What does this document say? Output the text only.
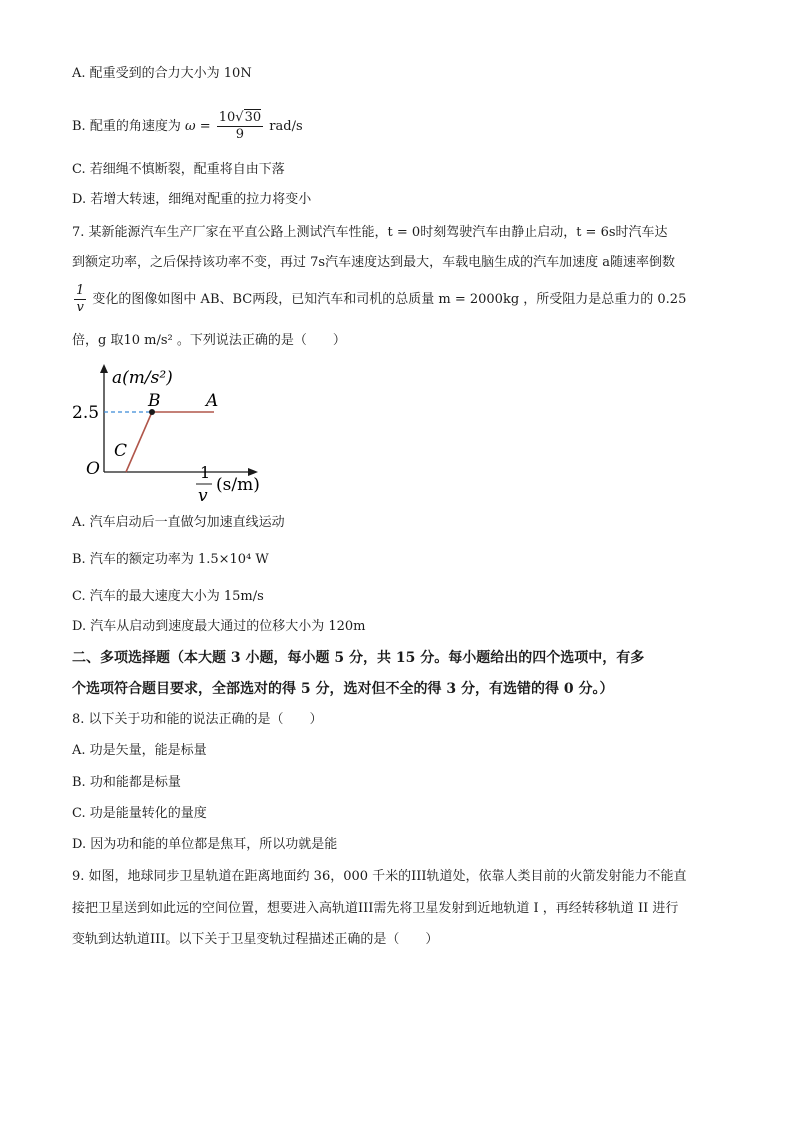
A. 配重受到的合力大小为 10N
B. 配重的角速度为 $\omega = \frac{10√30}{9} rad/s$
C. 若细绳不慎断裂，配重将自由下落
D. 若增大转速，细绳对配重的拉力将变小
7. 某新能源汽车生产厂家在平直公路上测试汽车性能，t = 0时刻驾驶汽车由静止启动，t = 6s时汽车达
到额定功率，之后保持该功率不变，再过 7s汽车速度达到最大，车载电脑生成的汽车加速度 a随速率倒数
$\frac{1}{v}$ 变化的图像如图中 AB、BC两段，已知汽车和司机的总质量 m = 2000kg ，所受阻力是总重力的 0.25
倍，g 取10 m/s² 。下列说法正确的是（　　）
a(m/s²)
2.5
B	A
C
O	1
v
(s/m)
A. 汽车启动后一直做匀加速直线运动
B. 汽车的额定功率为 1.5×10⁴ W
C. 汽车的最大速度大小为 15m/s
D. 汽车从启动到速度最大通过的位移大小为 120m
二、多项选择题（本大题 3 小题，每小题 5 分，共 15 分。每小题给出的四个选项中，有多
个选项符合题目要求，全部选对的得 5 分，选对但不全的得 3 分，有选错的得 0 分。）
8. 以下关于功和能的说法正确的是（　　）
A. 功是矢量，能是标量
B. 功和能都是标量
C. 功是能量转化的量度
D. 因为功和能的单位都是焦耳，所以功就是能
9. 如图，地球同步卫星轨道在距离地面约 36，000 千米的III轨道处，依靠人类目前的火箭发射能力不能直
接把卫星送到如此远的空间位置，想要进入高轨道III需先将卫星发射到近地轨道 I ，再经转移轨道 II 进行
变轨到达轨道III。以下关于卫星变轨过程描述正确的是（　　）
